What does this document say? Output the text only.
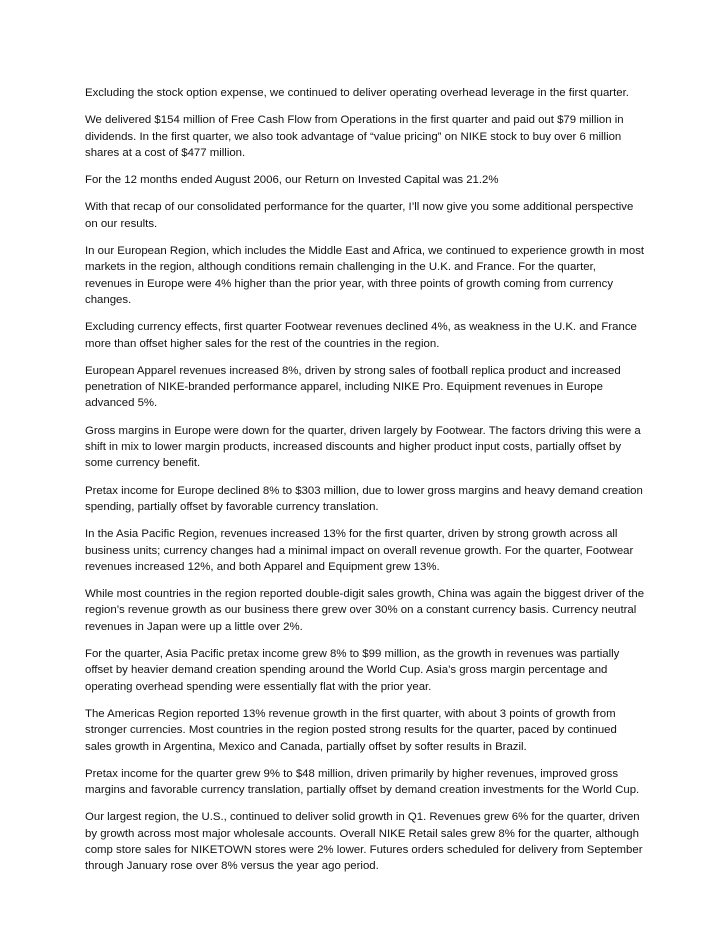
Excluding the stock option expense, we continued to deliver operating overhead leverage in the first quarter.

We delivered $154 million of Free Cash Flow from Operations in the first quarter and paid out $79 million in dividends. In the first quarter, we also took advantage of “value pricing” on NIKE stock to buy over 6 million shares at a cost of $477 million.

For the 12 months ended August 2006, our Return on Invested Capital was 21.2%

With that recap of our consolidated performance for the quarter, I’ll now give you some additional perspective on our results.

In our European Region, which includes the Middle East and Africa, we continued to experience growth in most markets in the region, although conditions remain challenging in the U.K. and France. For the quarter, revenues in Europe were 4% higher than the prior year, with three points of growth coming from currency changes.

Excluding currency effects, first quarter Footwear revenues declined 4%, as weakness in the U.K. and France more than offset higher sales for the rest of the countries in the region.

European Apparel revenues increased 8%, driven by strong sales of football replica product and increased penetration of NIKE-branded performance apparel, including NIKE Pro. Equipment revenues in Europe advanced 5%.

Gross margins in Europe were down for the quarter, driven largely by Footwear. The factors driving this were a shift in mix to lower margin products, increased discounts and higher product input costs, partially offset by some currency benefit.

Pretax income for Europe declined 8% to $303 million, due to lower gross margins and heavy demand creation spending, partially offset by favorable currency translation.

In the Asia Pacific Region, revenues increased 13% for the first quarter, driven by strong growth across all business units; currency changes had a minimal impact on overall revenue growth. For the quarter, Footwear revenues increased 12%, and both Apparel and Equipment grew 13%.

While most countries in the region reported double-digit sales growth, China was again the biggest driver of the region’s revenue growth as our business there grew over 30% on a constant currency basis. Currency neutral revenues in Japan were up a little over 2%.

For the quarter, Asia Pacific pretax income grew 8% to $99 million, as the growth in revenues was partially offset by heavier demand creation spending around the World Cup. Asia’s gross margin percentage and operating overhead spending were essentially flat with the prior year.

The Americas Region reported 13% revenue growth in the first quarter, with about 3 points of growth from stronger currencies. Most countries in the region posted strong results for the quarter, paced by continued sales growth in Argentina, Mexico and Canada, partially offset by softer results in Brazil.

Pretax income for the quarter grew 9% to $48 million, driven primarily by higher revenues, improved gross margins and favorable currency translation, partially offset by demand creation investments for the World Cup.

Our largest region, the U.S., continued to deliver solid growth in Q1. Revenues grew 6% for the quarter, driven by growth across most major wholesale accounts. Overall NIKE Retail sales grew 8% for the quarter, although comp store sales for NIKETOWN stores were 2% lower. Futures orders scheduled for delivery from September through January rose over 8% versus the year ago period.
